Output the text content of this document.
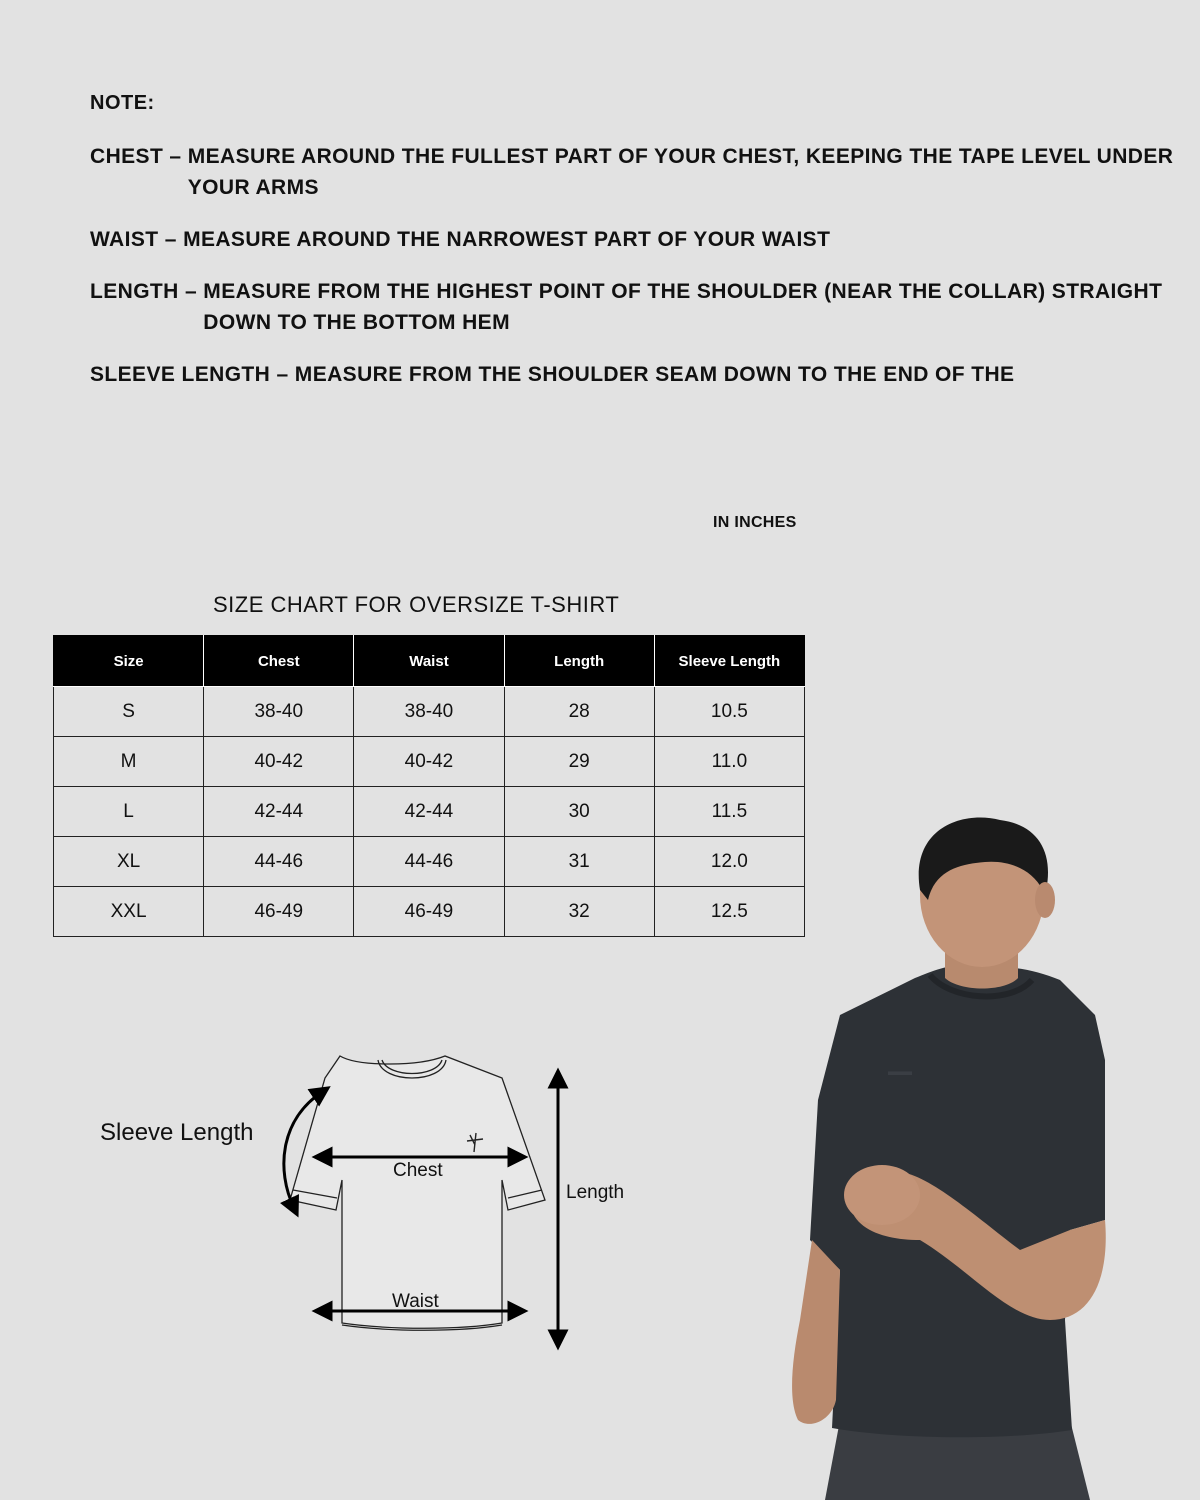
NOTE:
CHEST – MEASURE AROUND THE FULLEST PART OF YOUR CHEST, KEEPING THE TAPE LEVEL UNDER YOUR ARMS
WAIST – MEASURE AROUND THE NARROWEST PART OF YOUR WAIST
LENGTH – MEASURE FROM THE HIGHEST POINT OF THE SHOULDER (NEAR THE COLLAR) STRAIGHT DOWN TO THE BOTTOM HEM
SLEEVE LENGTH – MEASURE FROM THE SHOULDER SEAM DOWN TO THE END OF THE
IN INCHES
SIZE CHART FOR OVERSIZE T-SHIRT
Size	Chest	Waist	Length	Sleeve Length
S	38-40	38-40	28	10.5
M	40-42	40-42	29	11.0
L	42-44	42-44	30	11.5
XL	44-46	44-46	31	12.0
XXL	46-49	46-49	32	12.5
Sleeve Length
Chest
Waist
Length
▬▬
